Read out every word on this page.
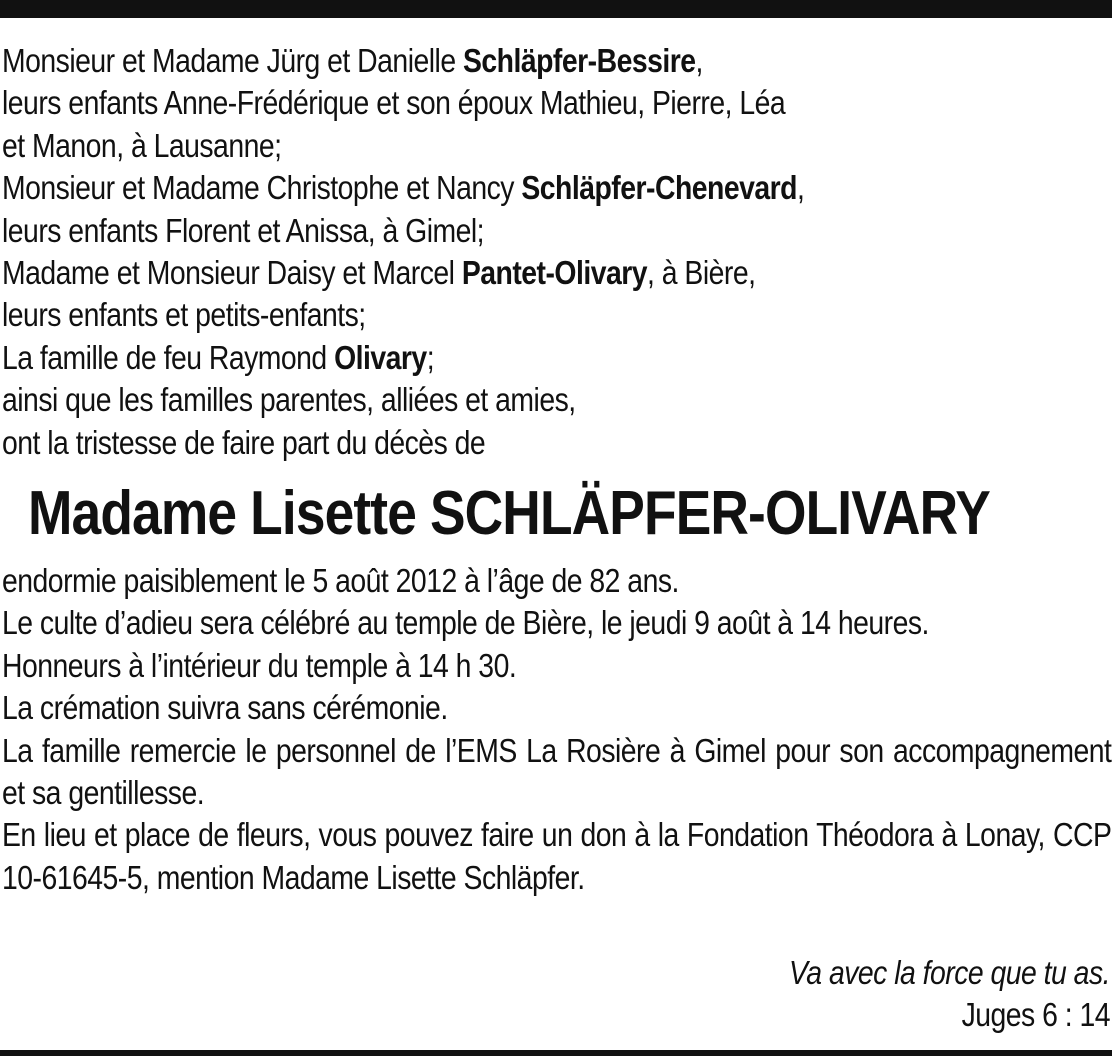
Monsieur et Madame Jürg et Danielle Schläpfer-Bessire,
leurs enfants Anne-Frédérique et son époux Mathieu, Pierre, Léa
et Manon, à Lausanne;
Monsieur et Madame Christophe et Nancy Schläpfer-Chenevard,
leurs enfants Florent et Anissa, à Gimel;
Madame et Monsieur Daisy et Marcel Pantet-Olivary, à Bière,
leurs enfants et petits-enfants;
La famille de feu Raymond Olivary;
ainsi que les familles parentes, alliées et amies,
ont la tristesse de faire part du décès de
Madame Lisette SCHLÄPFER-OLIVARY
endormie paisiblement le 5 août 2012 à l’âge de 82 ans.
Le culte d’adieu sera célébré au temple de Bière, le jeudi 9 août à 14 heures.
Honneurs à l’intérieur du temple à 14 h 30.
La crémation suivra sans cérémonie.
La famille remercie le personnel de l’EMS La Rosière à Gimel pour son accompagnement et sa gentillesse.
En lieu et place de fleurs, vous pouvez faire un don à la Fondation Théodora à Lonay, CCP 10-61645-5, mention Madame Lisette Schläpfer.
Va avec la force que tu as.
Juges 6 : 14
